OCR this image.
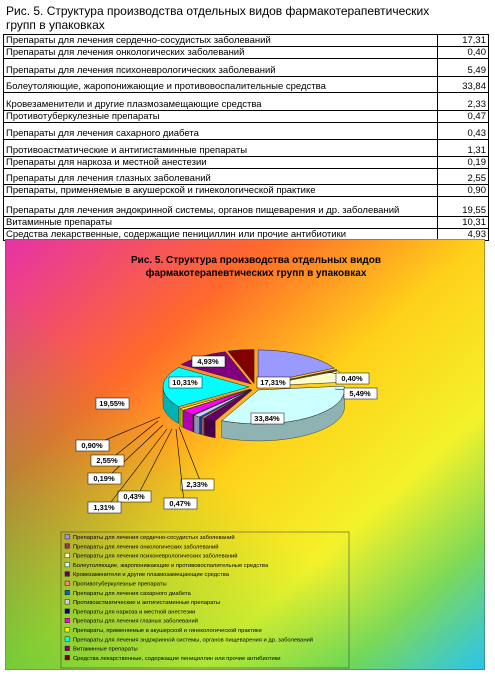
Рис. 5. Структура производства отдельных видов фармакотерапевтических групп в упаковках
Препараты для лечения сердечно-сосудистых заболеваний	17,31
Препараты для лечения онкологических заболеваний	0,40
Препараты для лечения психоневрологических заболеваний	5,49
Болеутоляющие, жаропонижающие и противовоспалительные средства	33,84
Кровезаменители и другие плазмозамещающие средства	2,33
Противотуберкулезные препараты	0,47
Препараты для лечения сахарного диабета	0,43
Противоастматические и антигистаминные препараты	1,31
Препараты для наркоза и местной анестезии	0,19
Препараты для лечения глазных заболеваний	2,55
Препараты, применяемые в акушерской и гинекологической практике	0,90
Препараты для лечения эндокринной системы, органов пищеварения и др. заболеваний	19,55
Витаминные препараты	10,31
Средства лекарственные, содержащие пенициллин или прочие антибиотики	4,93
Рис. 5. Структура производства отдельных видов
фармакотерапевтических групп в упаковках
17,31%	0,40%
5,49%
33,84%
2,33%
0,47%
0,43%
1,31%
0,19%
2,55%
0,90%
19,55%
10,31%
4,93%
Препараты для лечения сердечно-сосудистых заболеваний
Препараты для лечения онкологических заболеваний
Препараты для лечения психоневрологических заболеваний
Болеутоляющие, жаропонижающие и противовоспалительные средства
Кровезаменители и другие плазмозамещающие средства
Противотуберкулезные препараты
Препараты для лечения сахарного диабета
Противоастматические и антигистаминные препараты
Препараты для наркоза и местной анестезии
Препараты для лечения глазных заболеваний
Препараты, применяемые в акушерской и гинекологической практике
Препараты для лечения эндокринной системы, органов пищеварения и др. заболеваний
Витаминные препараты
Средства лекарственные, содержащие пенициллин или прочие антибиотики
